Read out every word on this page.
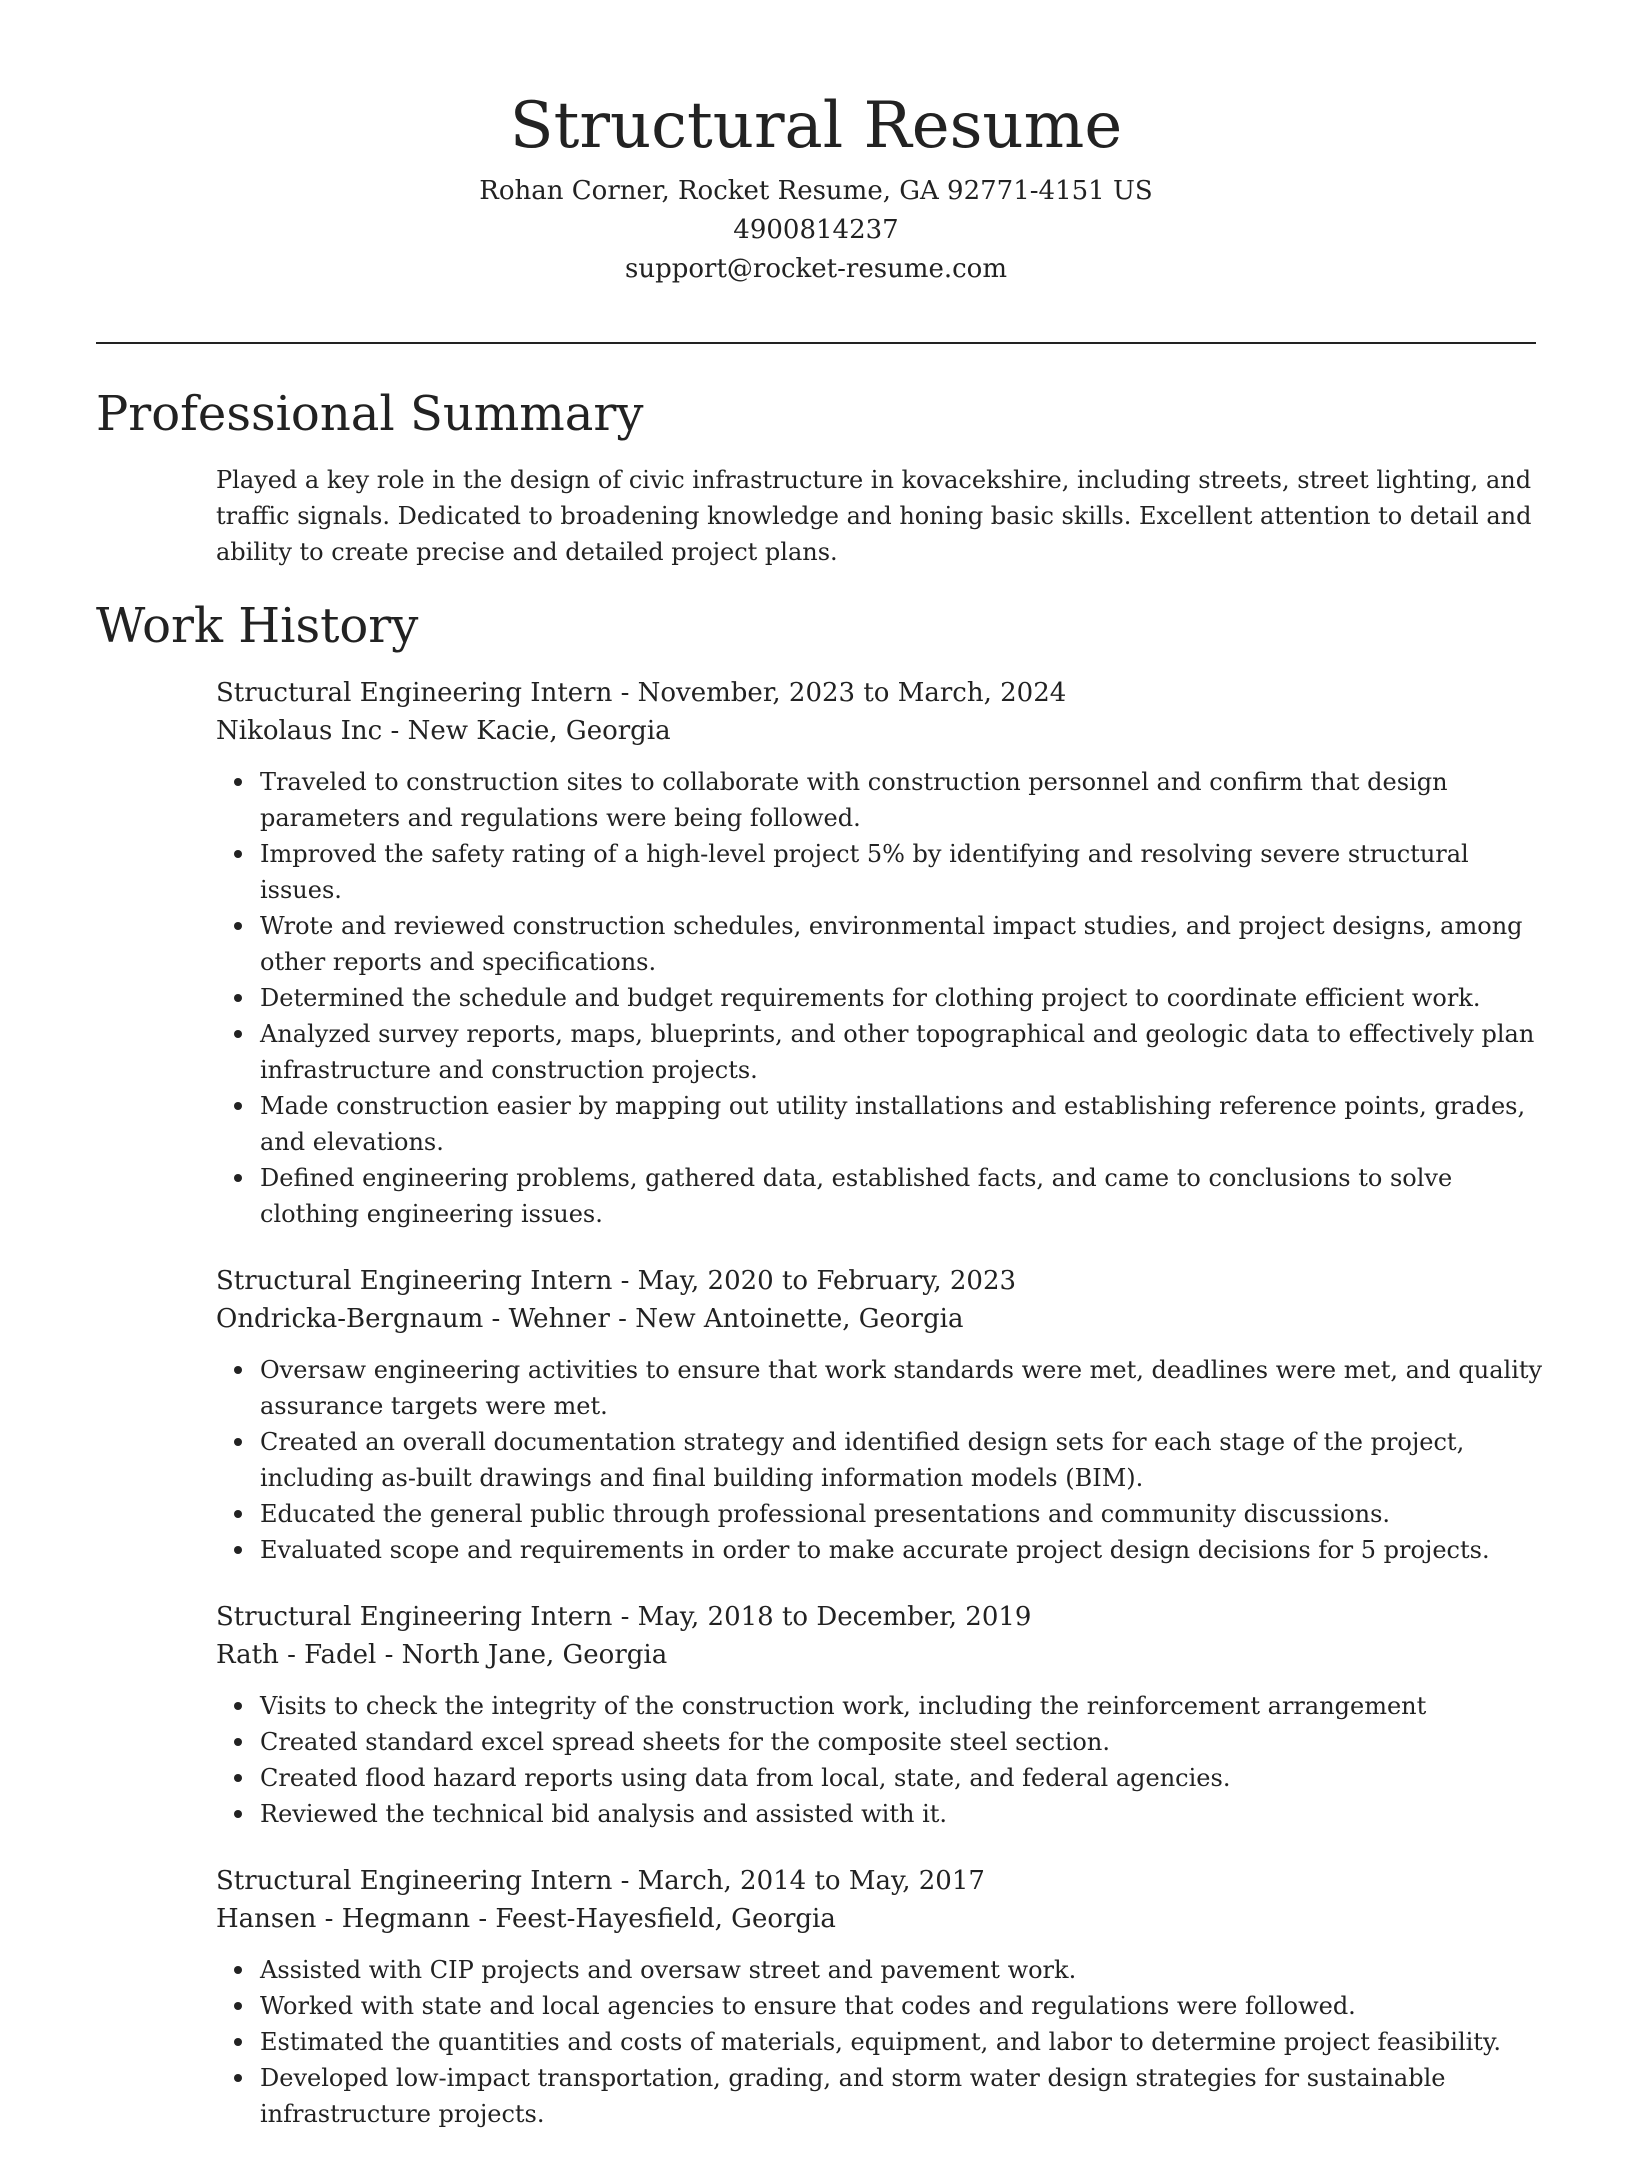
Structural Resume

Rohan Corner, Rocket Resume, GA 92771-4151 US

4900814237

support@rocket-resume.com

Professional Summary

Played a key role in the design of civic infrastructure in kovacekshire, including streets, street lighting, and traffic signals. Dedicated to broadening knowledge and honing basic skills. Excellent attention to detail and ability to create precise and detailed project plans.

Work History

Structural Engineering Intern - November, 2023 to March, 2024

Nikolaus Inc - New Kacie, Georgia

Traveled to construction sites to collaborate with construction personnel and confirm that design parameters and regulations were being followed.
Improved the safety rating of a high-level project 5% by identifying and resolving severe structural issues.
Wrote and reviewed construction schedules, environmental impact studies, and project designs, among other reports and specifications.
Determined the schedule and budget requirements for clothing project to coordinate efficient work.
Analyzed survey reports, maps, blueprints, and other topographical and geologic data to effectively plan infrastructure and construction projects.
Made construction easier by mapping out utility installations and establishing reference points, grades, and elevations.
Defined engineering problems, gathered data, established facts, and came to conclusions to solve clothing engineering issues.

Structural Engineering Intern - May, 2020 to February, 2023

Ondricka-Bergnaum - Wehner - New Antoinette, Georgia

Oversaw engineering activities to ensure that work standards were met, deadlines were met, and quality assurance targets were met.
Created an overall documentation strategy and identified design sets for each stage of the project, including as-built drawings and final building information models (BIM).
Educated the general public through professional presentations and community discussions.
Evaluated scope and requirements in order to make accurate project design decisions for 5 projects.

Structural Engineering Intern - May, 2018 to December, 2019

Rath - Fadel - North Jane, Georgia

Visits to check the integrity of the construction work, including the reinforcement arrangement
Created standard excel spread sheets for the composite steel section.
Created flood hazard reports using data from local, state, and federal agencies.
Reviewed the technical bid analysis and assisted with it.

Structural Engineering Intern - March, 2014 to May, 2017

Hansen - Hegmann - Feest-Hayesfield, Georgia

Assisted with CIP projects and oversaw street and pavement work.
Worked with state and local agencies to ensure that codes and regulations were followed.
Estimated the quantities and costs of materials, equipment, and labor to determine project feasibility.
Developed low-impact transportation, grading, and storm water design strategies for sustainable infrastructure projects.
